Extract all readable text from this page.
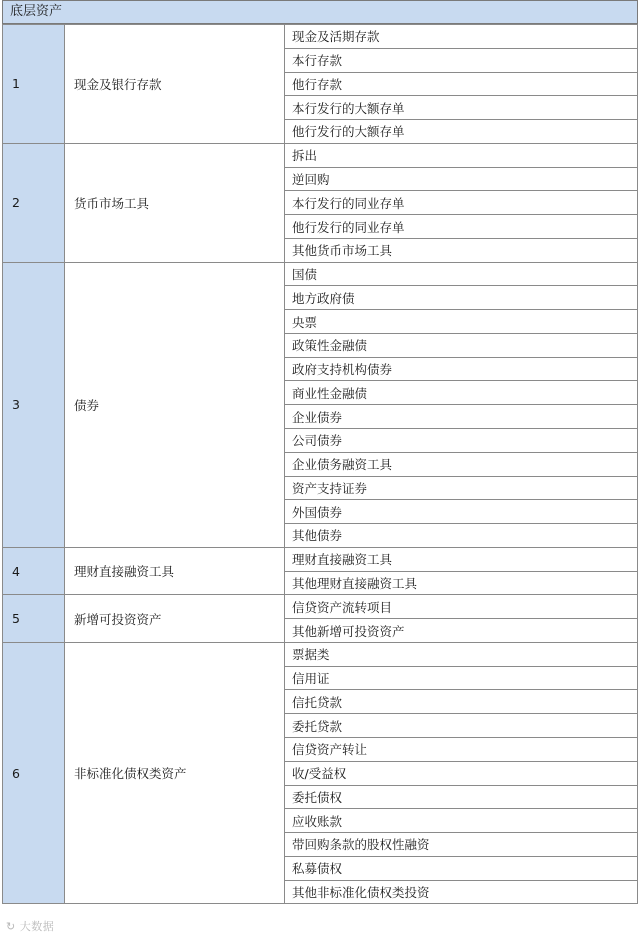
底层资产
1	现金及银行存款	现金及活期存款
		本行存款
		他行存款
		本行发行的大额存单
		他行发行的大额存单
2	货币市场工具	拆出
		逆回购
		本行发行的同业存单
		他行发行的同业存单
		其他货币市场工具
3	债券	国债
		地方政府债
		央票
		政策性金融债
		政府支持机构债券
		商业性金融债
		企业债券
		公司债券
		企业债务融资工具
		资产支持证券
		外国债券
		其他债券
4	理财直接融资工具	理财直接融资工具
		其他理财直接融资工具
5	新增可投资资产	信贷资产流转项目
		其他新增可投资资产
6	非标准化债权类资产	票据类
		信用证
		信托贷款
		委托贷款
		信贷资产转让
		收/受益权
		委托债权
		应收账款
		带回购条款的股权性融资
		私募债权
		其他非标准化债权类投资
↻ 大数据
